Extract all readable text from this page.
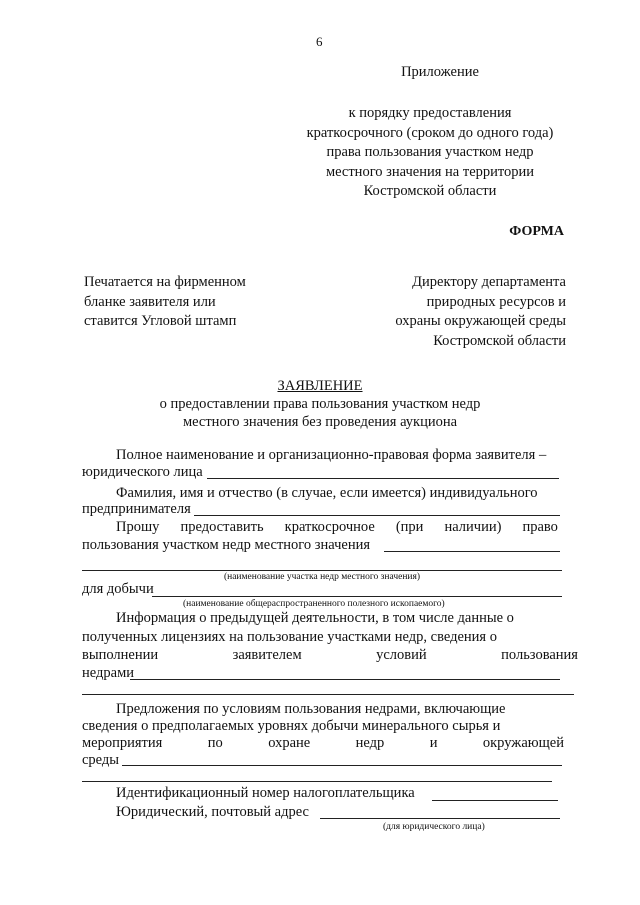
6
Приложение
к порядку предоставления
краткосрочного (сроком до одного года)
права пользования участком недр
местного значения на территории
Костромской области
ФОРМА
Печатается на фирменном
бланке заявителя или
ставится Угловой штамп
Директору департамента
природных ресурсов и
охраны окружающей среды
Костромской области
ЗАЯВЛЕНИЕ
о предоставлении права пользования участком недр
местного значения без проведения аукциона
Полное наименование и организационно-правовая форма заявителя –
юридического лица
Фамилия, имя и отчество (в случае, если имеется) индивидуального
предпринимателя
Прошу предоставить краткосрочное (при наличии) право
пользования участком недр местного значения
(наименование участка недр местного значения)
для добычи
(наименование общераспространенного полезного ископаемого)
Информация о предыдущей деятельности, в том числе данные о
полученных лицензиях на пользование участками недр, сведения о
выполнении	заявителем	условий	пользования
недрами
Предложения по условиям пользования недрами, включающие
сведения о предполагаемых уровнях добычи минерального сырья и
мероприятия	по	охране	недр	и	окружающей
среды
Идентификационный номер налогоплательщика
Юридический, почтовый адрес
(для юридического лица)
